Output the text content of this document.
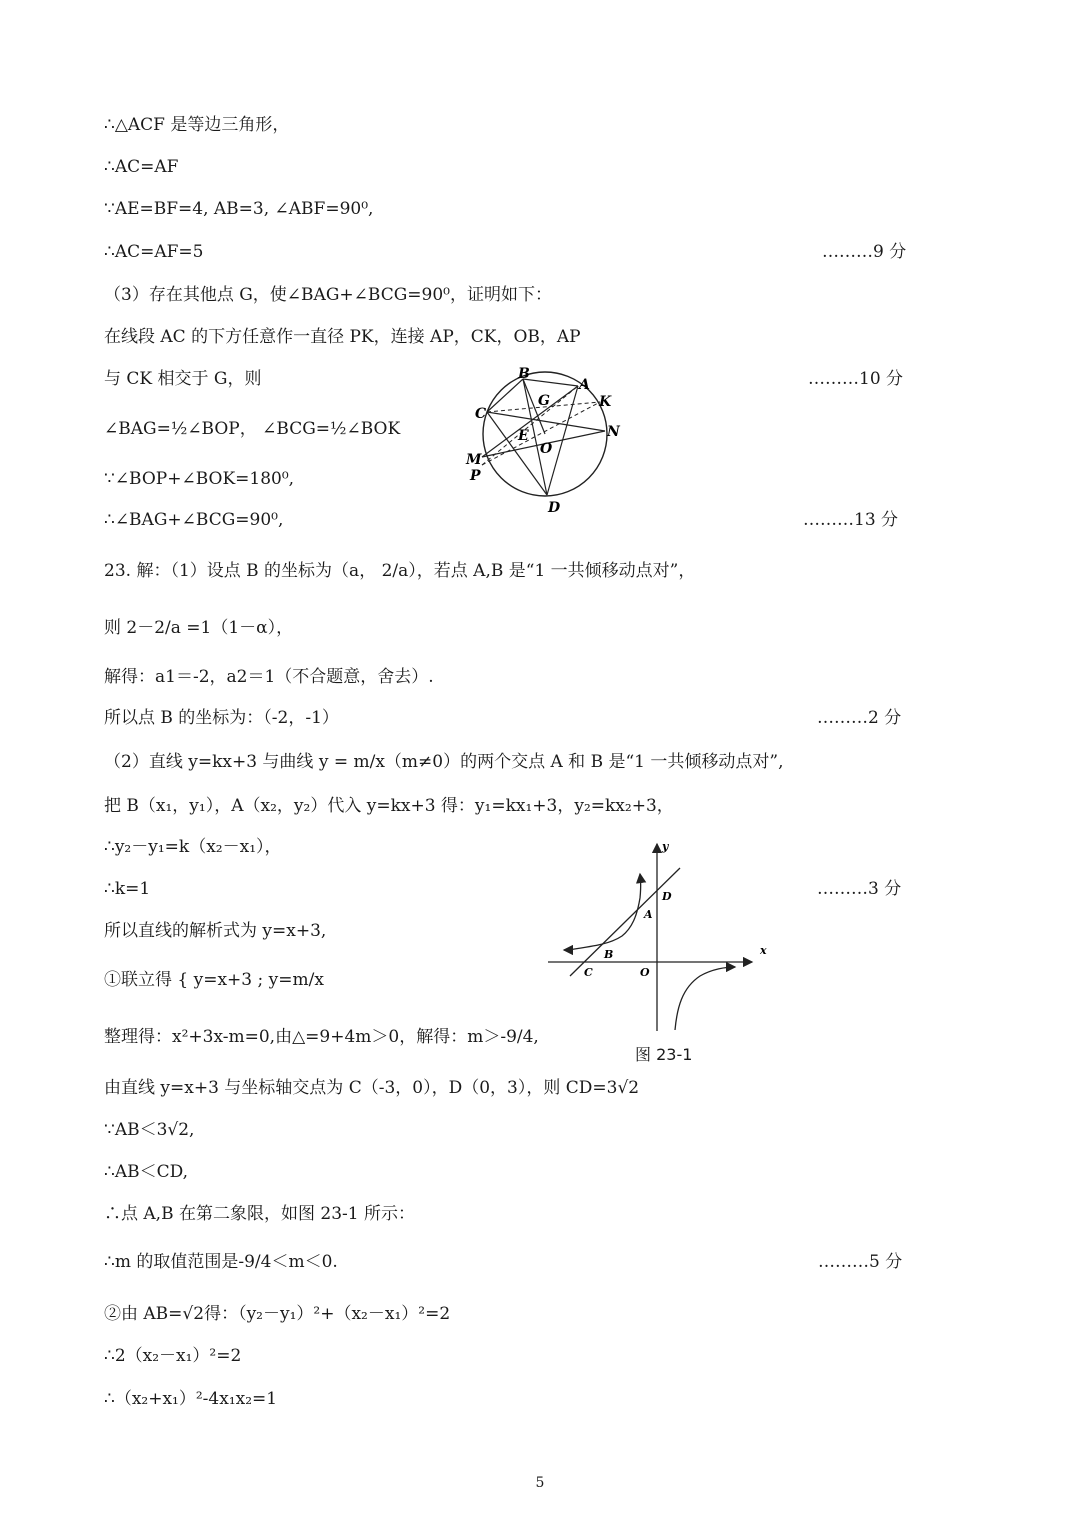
∴△ACF 是等边三角形，
∴AC=AF
∵AE=BF=4, AB=3, ∠ABF=90⁰,
∴AC=AF=5
（3）存在其他点 G，使∠BAG+∠BCG=90⁰，证明如下：
在线段 AC 的下方任意作一直径 PK，连接 AP，CK，OB，AP
与 CK 相交于 G，则
∠BAG=½∠BOP， ∠BCG=½∠BOK
∵∠BOP+∠BOK=180⁰,
∴∠BAG+∠BCG=90⁰,
23. 解：（1）设点 B 的坐标为（a， 2/a），若点 A,B 是“1 一共倾移动点对”，
则 2－2/a =1（1－α），
解得：a1＝-2，a2＝1（不合题意，舍去）.
所以点 B 的坐标为：（-2，-1）
（2）直线 y=kx+3 与曲线 y = m/x（m≠0）的两个交点 A 和 B 是“1 一共倾移动点对”,
把 B（x₁，y₁），A（x₂，y₂）代入 y=kx+3 得：y₁=kx₁+3，y₂=kx₂+3，
∴y₂－y₁=k（x₂－x₁），
∴k=1
所以直线的解析式为 y=x+3,
①联立得 { y=x+3 ; y=m/x
整理得：x²+3x-m=0,由△=9+4m＞0，解得：m＞-9/4,
由直线 y=x+3 与坐标轴交点为 C（-3，0），D（0，3），则 CD=3√2
∵AB＜3√2,
∴AB＜CD,
∴点 A,B 在第二象限，如图 23-1 所示：
∴m 的取值范围是-9/4＜m＜0.
②由 AB=√2得：（y₂－y₁）²+（x₂－x₁）²=2
∴2（x₂－x₁）²=2
∴（x₂+x₁）²-4x₁x₂=1
………9 分
………10 分
………13 分
………2 分
………3 分
………5 分
B
A
K
C
G
E	N
O
M
P
D
y
x
D
A
B
C	O
图 23-1
5
